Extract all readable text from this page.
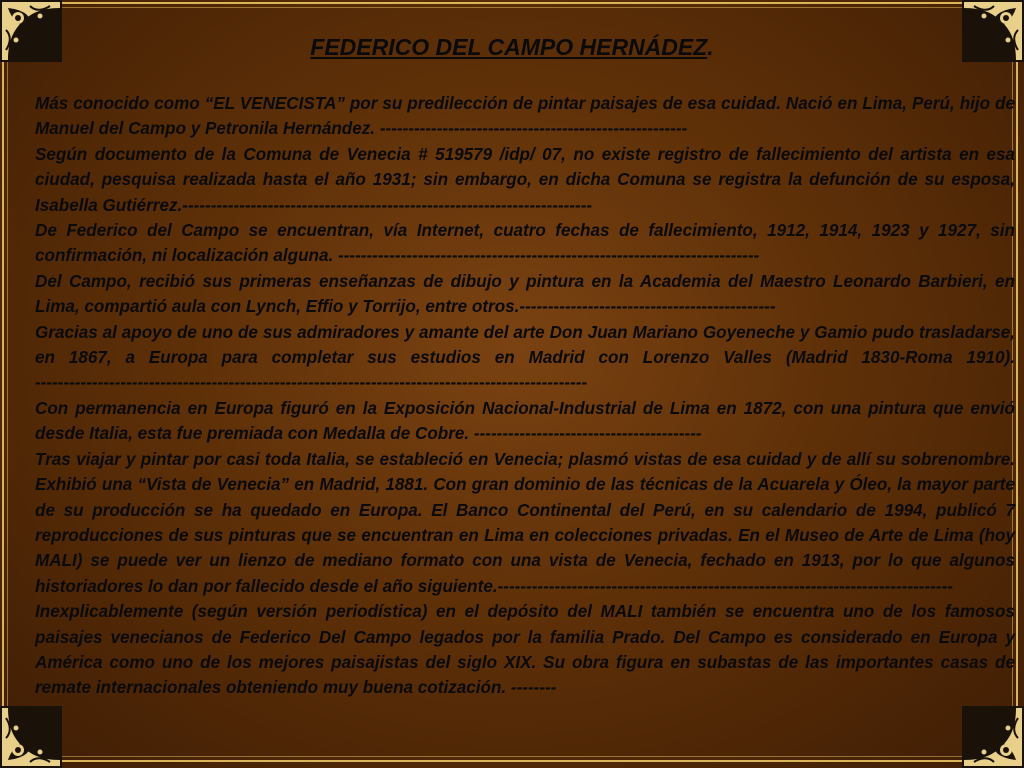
FEDERICO DEL CAMPO HERNÁDEZ.

Más conocido como “EL VENECISTA” por su predilección de pintar paisajes de esa cuidad. Nació en Lima, Perú, hijo de Manuel del Campo y Petronila Hernández. ------------------------------------------------------

Según documento de la Comuna de Venecia # 519579 /idp/ 07, no existe registro de fallecimiento del artista en esa ciudad, pesquisa realizada hasta el año 1931; sin embargo, en dicha Comuna se registra la defunción de su esposa, Isabella Gutiérrez.------------------------------------------------------------------------

De Federico del Campo se encuentran, vía Internet, cuatro fechas de fallecimiento, 1912, 1914, 1923 y 1927, sin confirmación, ni localización alguna. --------------------------------------------------------------------------

Del Campo, recibió sus primeras enseñanzas de dibujo y pintura en la Academia del Maestro Leonardo Barbieri, en Lima, compartió aula con Lynch, Effio y Torrijo, entre otros.---------------------------------------------

Gracias al apoyo de uno de sus admiradores y amante del arte Don Juan Mariano Goyeneche y Gamio pudo trasladarse, en 1867, a Europa para completar sus estudios en Madrid con Lorenzo Valles (Madrid 1830-Roma 1910). -------------------------------------------------------------------------------------------------

Con permanencia en Europa figuró en la Exposición Nacional-Industrial de Lima en 1872, con una pintura que envió desde Italia, esta fue premiada con Medalla de Cobre. ----------------------------------------

Tras viajar y pintar por casi toda Italia, se estableció en Venecia; plasmó vistas de esa cuidad y de allí su sobrenombre. Exhibió una “Vista de Venecia” en Madrid, 1881. Con gran dominio de las técnicas de la Acuarela y Óleo, la mayor parte de su producción se ha quedado en Europa. El Banco Continental del Perú, en su calendario de 1994, publicó 7 reproducciones de sus pinturas que se encuentran en Lima en colecciones privadas. En el Museo de Arte de Lima (hoy MALI) se puede ver un lienzo de mediano formato con una vista de Venecia, fechado en 1913, por lo que algunos historiadores lo dan por fallecido desde el año siguiente.--------------------------------------------------------------------------------

Inexplicablemente (según versión periodística) en el depósito del MALI también se encuentra uno de los famosos paisajes venecianos de Federico Del Campo legados por la familia Prado. Del Campo es considerado en Europa y América como uno de los mejores paisajistas del siglo XIX. Su obra figura en subastas de las importantes casas de remate internacionales obteniendo muy buena cotización. --------
